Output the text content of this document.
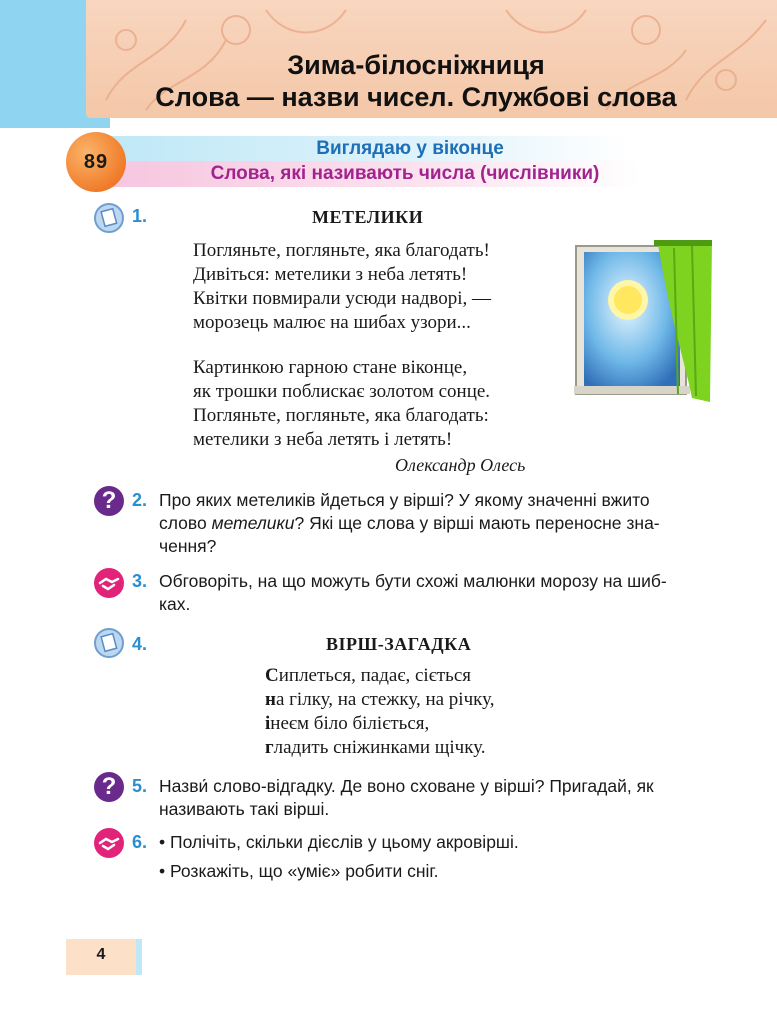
Зима-білосніжниця
Слова — назви чисел. Службові слова
89
Виглядаю у віконце
Слова, які називають числа (числівники)
1.	МЕТЕЛИКИ
Погляньте, погляньте, яка благодать!
Дивіться: метелики з неба летять!
Квітки повмирали усюди надворі, —
морозець малює на шибах узори...
Картинкою гарною стане віконце,
як трошки поблискає золотом сонце.
Погляньте, погляньте, яка благодать:
метелики з неба летять і летять!
Олександр Олесь
? 2. Про яких метеликів йдеться у вірші? У якому значенні вжито
слово метелики? Які ще слова у вірші мають переносне зна-
чення?
3. Обговоріть, на що можуть бути схожі малюнки морозу на шиб-
ках.
4.	ВІРШ-ЗАГАДКА
Сиплеться, падає, сіється
на гілку, на стежку, на річку,
інеєм біло біліється,
гладить сніжинками щічку.
? 5. Назви́ слово-відгадку. Де воно сховане у вірші? Пригадай, як
називають такі вірші.
6. • Полічіть, скільки дієслів у цьому акровірші.
• Розкажіть, що «уміє» робити сніг.
4
